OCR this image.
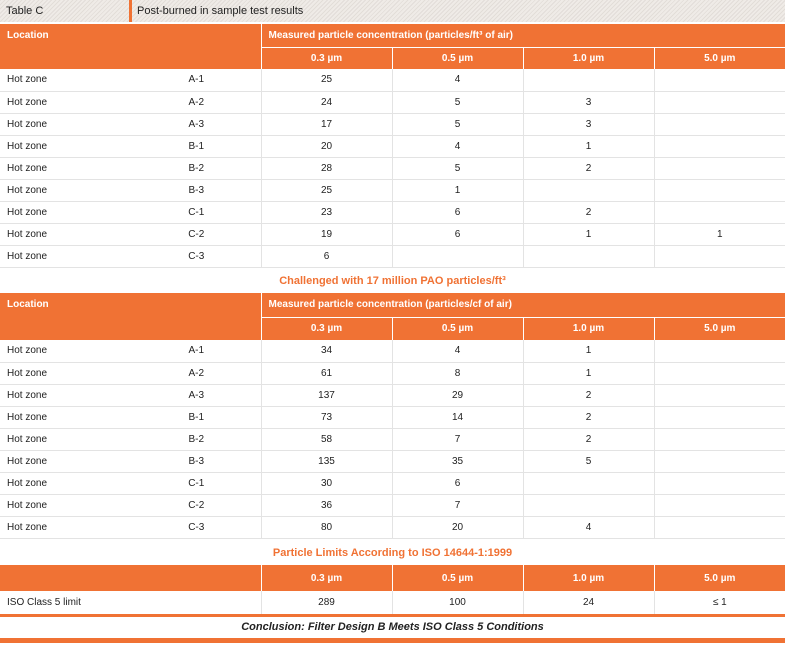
Table C	Post-burned in sample test results
Location		Measured particle concentration (particles/ft³ of air)			
		0.3 µm	0.5 µm	1.0 µm	5.0 µm
Hot zone	A-1	25	4		
Hot zone	A-2	24	5	3	
Hot zone	A-3	17	5	3	
Hot zone	B-1	20	4	1	
Hot zone	B-2	28	5	2	
Hot zone	B-3	25	1		
Hot zone	C-1	23	6	2	
Hot zone	C-2	19	6	1	1
Hot zone	C-3	6			
Challenged with 17 million PAO particles/ft³
Location		Measured particle concentration (particles/cf of air)			
		0.3 µm	0.5 µm	1.0 µm	5.0 µm
Hot zone	A-1	34	4	1	
Hot zone	A-2	61	8	1	
Hot zone	A-3	137	29	2	
Hot zone	B-1	73	14	2	
Hot zone	B-2	58	7	2	
Hot zone	B-3	135	35	5	
Hot zone	C-1	30	6		
Hot zone	C-2	36	7		
Hot zone	C-3	80	20	4	
Particle Limits According to ISO 14644-1:1999
	0.3 µm	0.5 µm	1.0 µm	5.0 µm
ISO Class 5 limit	289	100	24	≤ 1
Conclusion: Filter Design B Meets ISO Class 5 Conditions
